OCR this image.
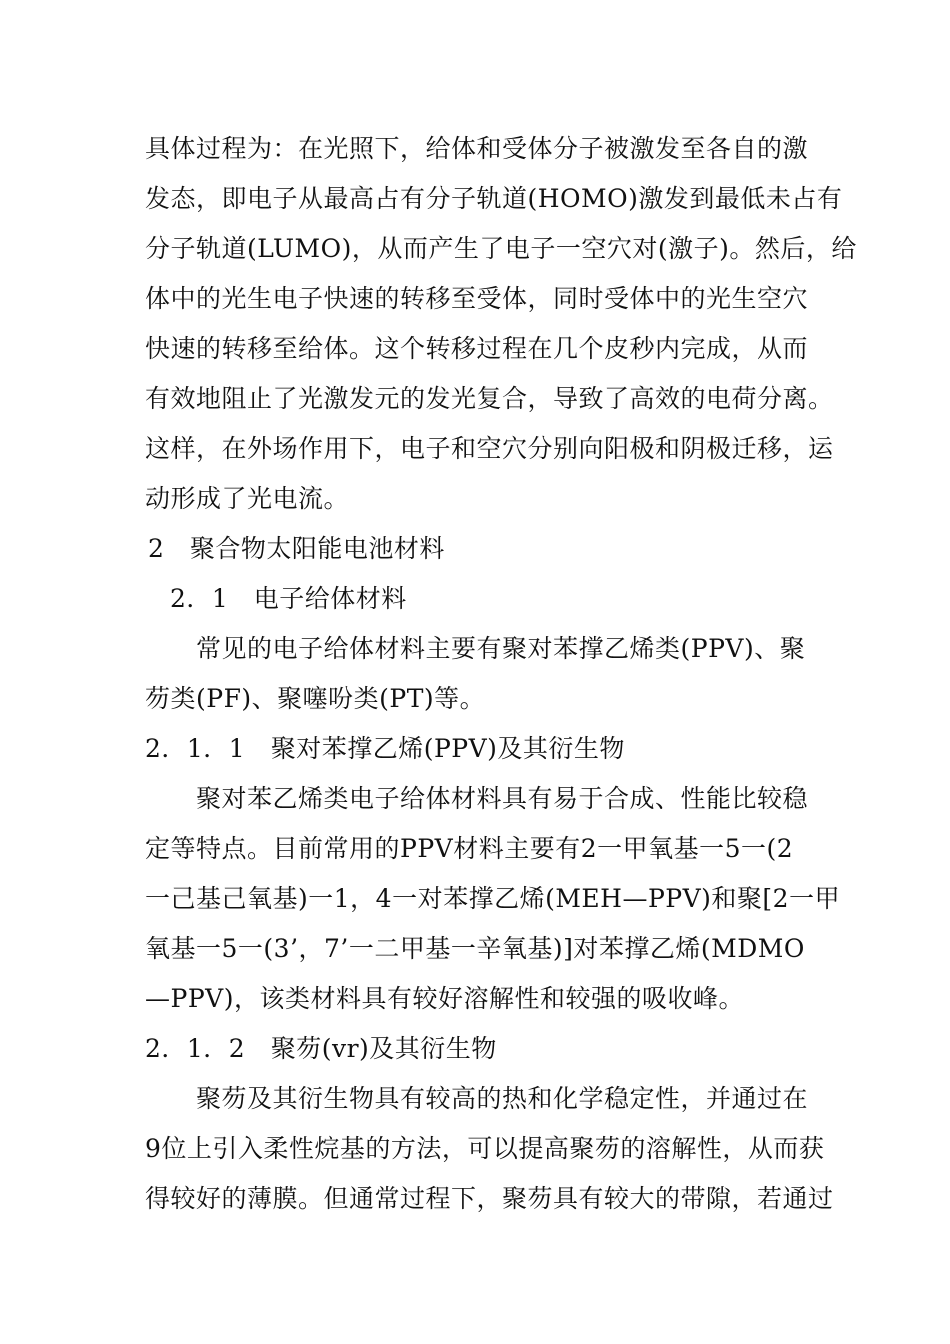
具体过程为：在光照下，给体和受体分子被激发至各自的激
发态，即电子从最高占有分子轨道(HOMO)激发到最低未占有
分子轨道(LUMO)，从而产生了电子一空穴对(激子)。然后，给
体中的光生电子快速的转移至受体，同时受体中的光生空穴
快速的转移至给体。这个转移过程在几个皮秒内完成，从而
有效地阻止了光激发元的发光复合，导致了高效的电荷分离。
这样，在外场作用下，电子和空穴分别向阳极和阴极迁移，运
动形成了光电流。
2　聚合物太阳能电池材料
2．1　电子给体材料
常见的电子给体材料主要有聚对苯撑乙烯类(PPV)、聚
芴类(PF)、聚噻吩类(PT)等。
2．1．1　聚对苯撑乙烯(PPV)及其衍生物
聚对苯乙烯类电子给体材料具有易于合成、性能比较稳
定等特点。目前常用的PPV材料主要有2一甲氧基一5一(2
一己基己氧基)一1，4一对苯撑乙烯(MEH—PPV)和聚[2一甲
氧基一5一(3’，7’一二甲基一辛氧基)]对苯撑乙烯(MDMO
—PPV)，该类材料具有较好溶解性和较强的吸收峰。
2．1．2　聚芴(vr)及其衍生物
聚芴及其衍生物具有较高的热和化学稳定性，并通过在
9位上引入柔性烷基的方法，可以提高聚芴的溶解性，从而获
得较好的薄膜。但通常过程下，聚芴具有较大的带隙，若通过
